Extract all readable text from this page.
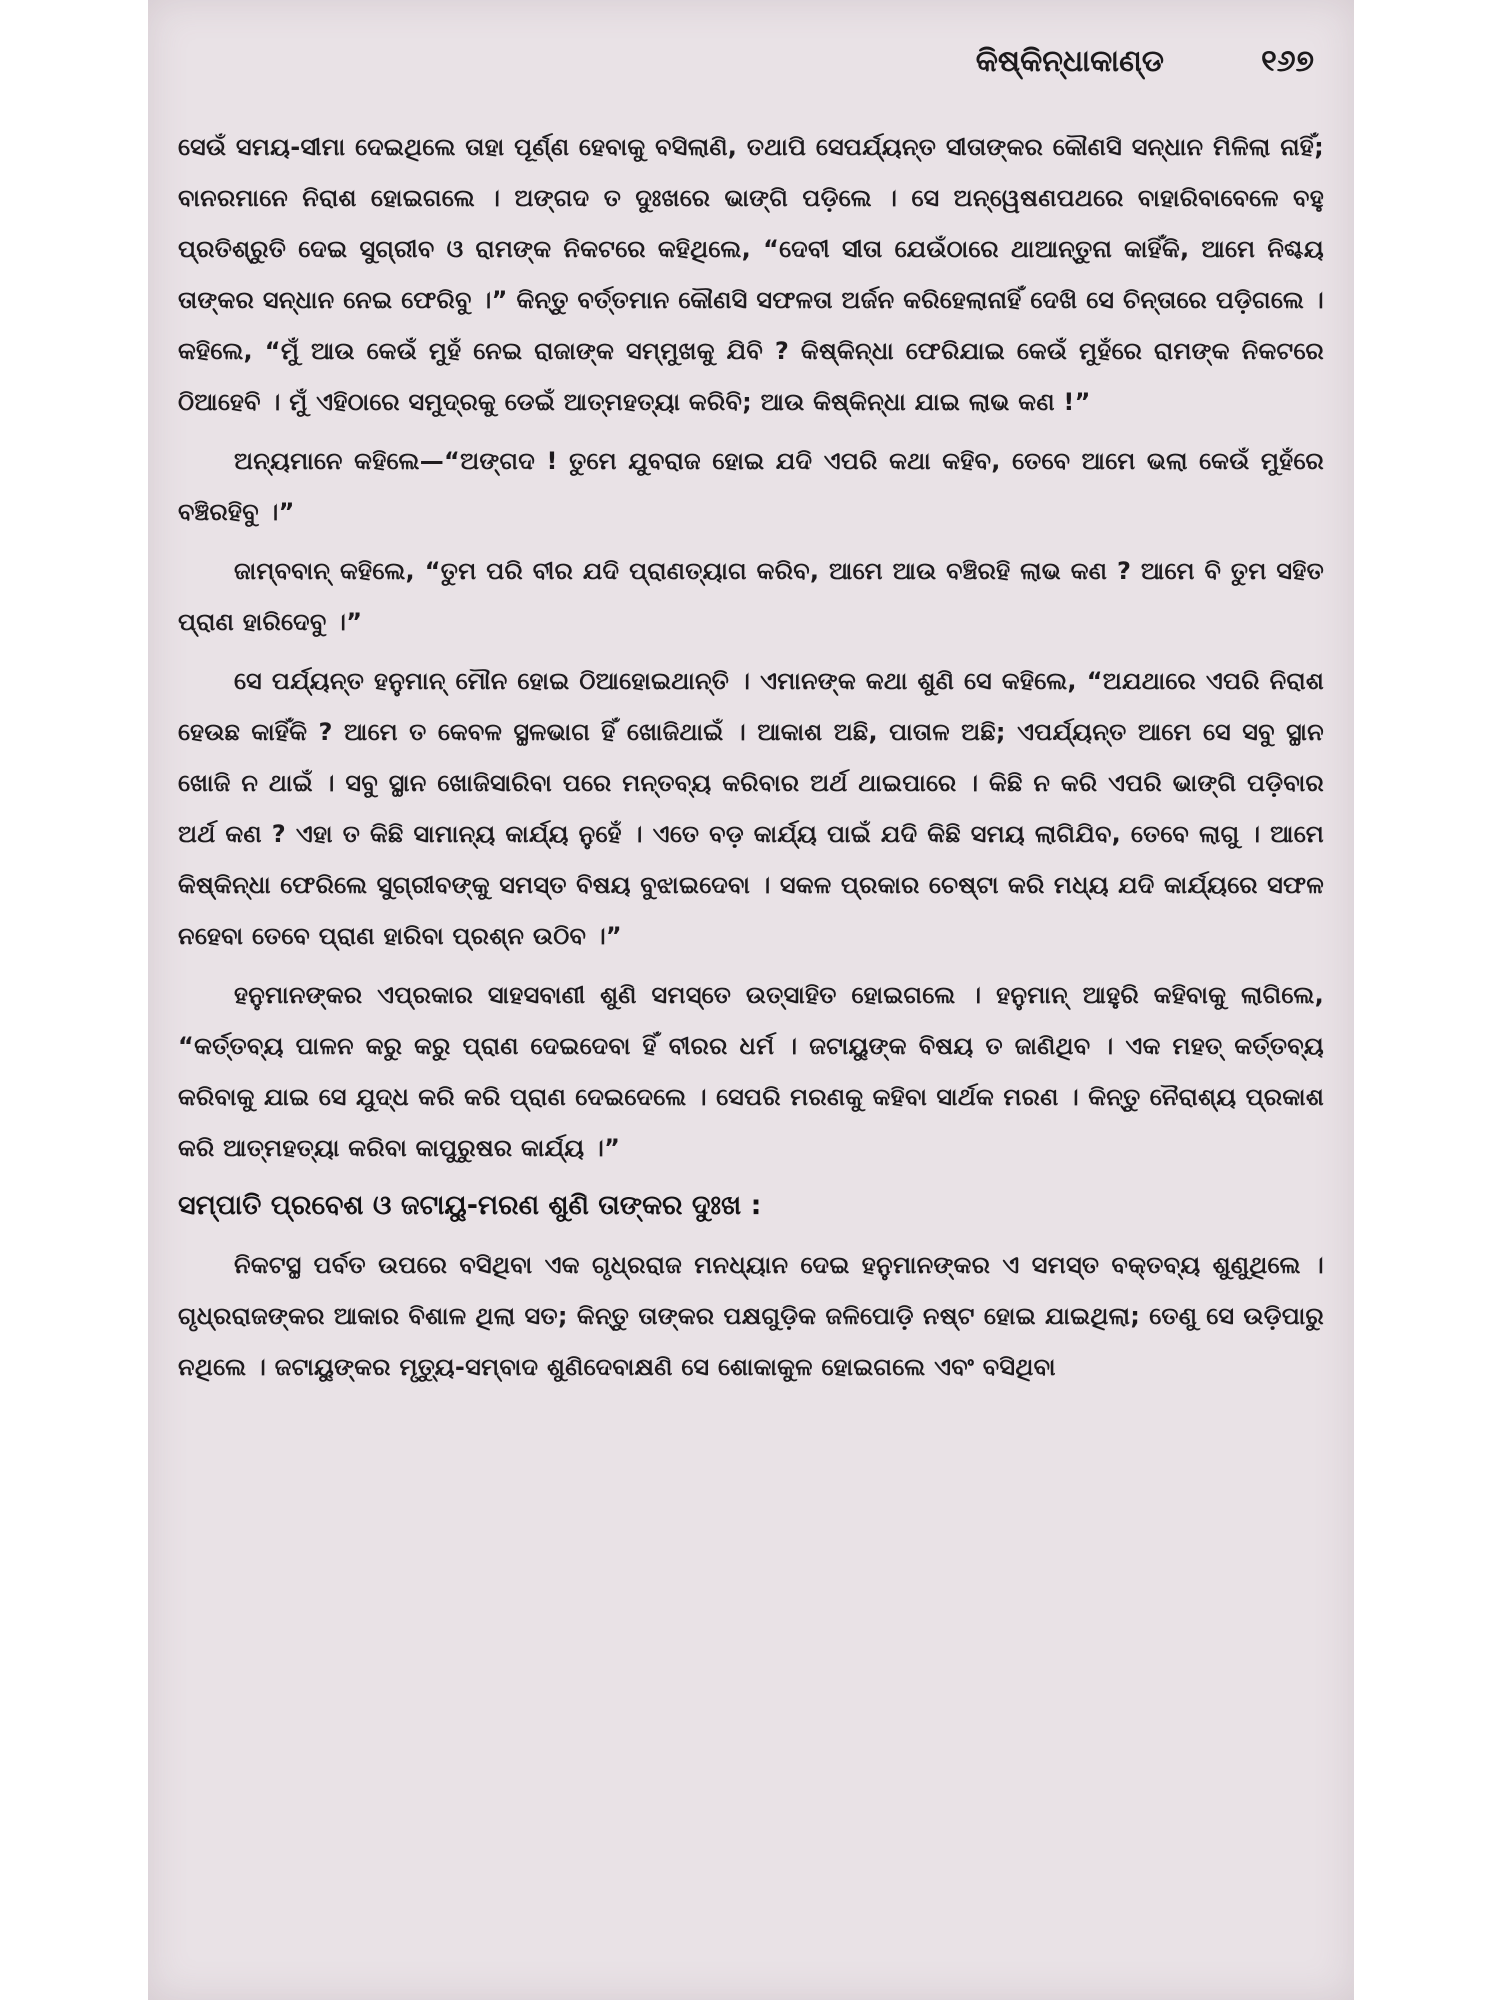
କିଷ୍କିନ୍ଧାକାଣ୍ଡ	୧୬୭

ସେଉଁ ସମୟ-ସୀମା ଦେଇଥିଲେ ତାହା ପୂର୍ଣ୍ଣ ହେବାକୁ ବସିଲାଣି, ତଥାପି ସେପର୍ଯ୍ୟନ୍ତ ସୀତାଙ୍କର କୌଣସି ସନ୍ଧାନ ମିଳିଲା ନାହିଁ; ବାନରମାନେ ନିରାଶ ହୋଇଗଲେ । ଅଙ୍ଗଦ ତ ଦୁଃଖରେ ଭାଙ୍ଗି ପଡ଼ିଲେ । ସେ ଅନ୍ୱେଷଣପଥରେ ବାହାରିବାବେଳେ ବହୁ ପ୍ରତିଶ୍ରୁତି ଦେଇ ସୁଗ୍ରୀବ ଓ ରାମଙ୍କ ନିକଟରେ କହିଥିଲେ, “ଦେବୀ ସୀତା ଯେଉଁଠାରେ ଥାଆନ୍ତୁନା କାହିଁକି, ଆମେ ନିଶ୍ଚୟ ତାଙ୍କର ସନ୍ଧାନ ନେଇ ଫେରିବୁ ।” କିନ୍ତୁ ବର୍ତ୍ତମାନ କୌଣସି ସଫଳତା ଅର୍ଜନ କରିହେଲାନାହିଁ ଦେଖି ସେ ଚିନ୍ତାରେ ପଡ଼ିଗଲେ । କହିଲେ, “ମୁଁ ଆଉ କେଉଁ ମୁହଁ ନେଇ ରାଜାଙ୍କ ସମ୍ମୁଖକୁ ଯିବି ? କିଷ୍କିନ୍ଧା ଫେରିଯାଇ କେଉଁ ମୁହଁରେ ରାମଙ୍କ ନିକଟରେ ଠିଆହେବି । ମୁଁ ଏହିଠାରେ ସମୁଦ୍ରକୁ ଡେଇଁ ଆତ୍ମହତ୍ୟା କରିବି; ଆଉ କିଷ୍କିନ୍ଧା ଯାଇ ଲାଭ କଣ !”

ଅନ୍ୟମାନେ କହିଲେ—“ଅଙ୍ଗଦ ! ତୁମେ ଯୁବରାଜ ହୋଇ ଯଦି ଏପରି କଥା କହିବ, ତେବେ ଆମେ ଭଲା କେଉଁ ମୁହଁରେ ବଞ୍ଚିରହିବୁ ।”

ଜାମ୍ବବାନ୍ କହିଲେ, “ତୁମ ପରି ବୀର ଯଦି ପ୍ରାଣତ୍ୟାଗ କରିବ, ଆମେ ଆଉ ବଞ୍ଚିରହି ଲାଭ କଣ ? ଆମେ ବି ତୁମ ସହିତ ପ୍ରାଣ ହାରିଦେବୁ ।”

ସେ ପର୍ଯ୍ୟନ୍ତ ହନୁମାନ୍ ମୌନ ହୋଇ ଠିଆହୋଇଥାନ୍ତି । ଏମାନଙ୍କ କଥା ଶୁଣି ସେ କହିଲେ, “ଅଯଥାରେ ଏପରି ନିରାଶ ହେଉଛ କାହିଁକି ? ଆମେ ତ କେବଳ ସ୍ଥଳଭାଗ ହିଁ ଖୋଜିଥାଇଁ । ଆକାଶ ଅଛି, ପାତାଳ ଅଛି; ଏପର୍ଯ୍ୟନ୍ତ ଆମେ ସେ ସବୁ ସ୍ଥାନ ଖୋଜି ନ ଥାଇଁ । ସବୁ ସ୍ଥାନ ଖୋଜିସାରିବା ପରେ ମନ୍ତବ୍ୟ କରିବାର ଅର୍ଥ ଥାଇପାରେ । କିଛି ନ କରି ଏପରି ଭାଙ୍ଗି ପଡ଼ିବାର ଅର୍ଥ କଣ ? ଏହା ତ କିଛି ସାମାନ୍ୟ କାର୍ଯ୍ୟ ନୁହେଁ । ଏତେ ବଡ଼ କାର୍ଯ୍ୟ ପାଇଁ ଯଦି କିଛି ସମୟ ଲାଗିଯିବ, ତେବେ ଲାଗୁ । ଆମେ କିଷ୍କିନ୍ଧା ଫେରିଲେ ସୁଗ୍ରୀବଙ୍କୁ ସମସ୍ତ ବିଷୟ ବୁଝାଇଦେବା । ସକଳ ପ୍ରକାର ଚେଷ୍ଟା କରି ମଧ୍ୟ ଯଦି କାର୍ଯ୍ୟରେ ସଫଳ ନହେବା ତେବେ ପ୍ରାଣ ହାରିବା ପ୍ରଶ୍ନ ଉଠିବ ।”

ହନୁମାନଙ୍କର ଏପ୍ରକାର ସାହସବାଣୀ ଶୁଣି ସମସ୍ତେ ଉତ୍ସାହିତ ହୋଇଗଲେ । ହନୁମାନ୍ ଆହୁରି କହିବାକୁ ଲାଗିଲେ, “କର୍ତ୍ତବ୍ୟ ପାଳନ କରୁ କରୁ ପ୍ରାଣ ଦେଇଦେବା ହିଁ ବୀରର ଧର୍ମ । ଜଟାୟୁଙ୍କ ବିଷୟ ତ ଜାଣିଥିବ । ଏକ ମହତ୍ କର୍ତ୍ତବ୍ୟ କରିବାକୁ ଯାଇ ସେ ଯୁଦ୍ଧ କରି କରି ପ୍ରାଣ ଦେଇଦେଲେ । ସେପରି ମରଣକୁ କହିବା ସାର୍ଥକ ମରଣ । କିନ୍ତୁ ନୈରାଶ୍ୟ ପ୍ରକାଶ କରି ଆତ୍ମହତ୍ୟା କରିବା କାପୁରୁଷର କାର୍ଯ୍ୟ ।”

ସମ୍ପାତି ପ୍ରବେଶ ଓ ଜଟାୟୁ-ମରଣ ଶୁଣି ତାଙ୍କର ଦୁଃଖ :

ନିକଟସ୍ଥ ପର୍ବତ ଉପରେ ବସିଥିବା ଏକ ଗୃଧ୍ରରାଜ ମନଧ୍ୟାନ ଦେଇ ହନୁମାନଙ୍କର ଏ ସମସ୍ତ ବକ୍ତବ୍ୟ ଶୁଣୁଥିଲେ । ଗୃଧ୍ରରାଜଙ୍କର ଆକାର ବିଶାଳ ଥିଲା ସତ; କିନ୍ତୁ ତାଙ୍କର ପକ୍ଷଗୁଡ଼ିକ ଜଳିପୋଡ଼ି ନଷ୍ଟ ହୋଇ ଯାଇଥିଲା; ତେଣୁ ସେ ଉଡ଼ିପାରୁ ନଥିଲେ । ଜଟାୟୁଙ୍କର ମୃତ୍ୟୁ-ସମ୍ବାଦ ଶୁଣିଦେବାକ୍ଷଣି ସେ ଶୋକାକୁଳ ହୋଇଗଲେ ଏବଂ ବସିଥିବା
